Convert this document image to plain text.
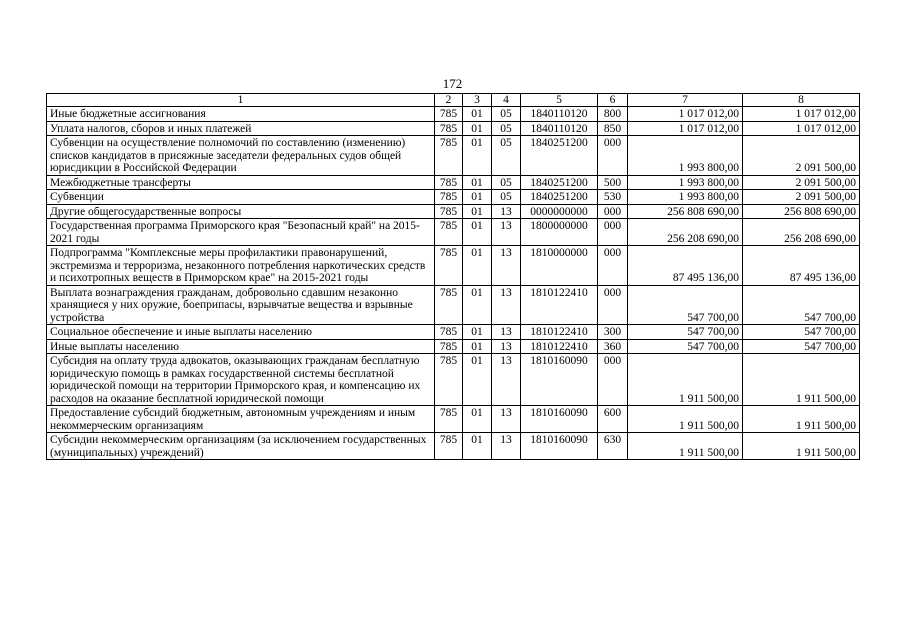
172
1	2	3	4	5	6	7	8
Иные бюджетные ассигнования	785	01	05	1840110120	800	1 017 012,00	1 017 012,00
Уплата налогов, сборов и иных платежей	785	01	05	1840110120	850	1 017 012,00	1 017 012,00
Субвенции на осуществление полномочий по составлению (изменению) списков кандидатов в присяжные заседатели федеральных судов общей юрисдикции в Российской Федерации	785	01	05	1840251200	000	1 993 800,00	2 091 500,00
Межбюджетные трансферты	785	01	05	1840251200	500	1 993 800,00	2 091 500,00
Субвенции	785	01	05	1840251200	530	1 993 800,00	2 091 500,00
Другие общегосударственные вопросы	785	01	13	0000000000	000	256 808 690,00	256 808 690,00
Государственная программа Приморского края "Безопасный край" на 2015-2021 годы	785	01	13	1800000000	000	256 208 690,00	256 208 690,00
Подпрограмма "Комплексные меры профилактики правонарушений, экстремизма и терроризма, незаконного потребления наркотических средств и психотропных веществ в Приморском крае" на 2015-2021 годы	785	01	13	1810000000	000	87 495 136,00	87 495 136,00
Выплата вознаграждения гражданам, добровольно сдавшим незаконно хранящиеся у них оружие, боеприпасы, взрывчатые вещества и взрывные устройства	785	01	13	1810122410	000	547 700,00	547 700,00
Социальное обеспечение и иные выплаты населению	785	01	13	1810122410	300	547 700,00	547 700,00
Иные выплаты населению	785	01	13	1810122410	360	547 700,00	547 700,00
Субсидия на оплату труда адвокатов, оказывающих гражданам бесплатную юридическую помощь в рамках государственной системы бесплатной юридической помощи на территории Приморского края, и компенсацию их расходов на оказание бесплатной юридической помощи	785	01	13	1810160090	000	1 911 500,00	1 911 500,00
Предоставление субсидий бюджетным, автономным учреждениям и иным некоммерческим организациям	785	01	13	1810160090	600	1 911 500,00	1 911 500,00
Субсидии некоммерческим организациям (за исключением государственных (муниципальных) учреждений)	785	01	13	1810160090	630	1 911 500,00	1 911 500,00
